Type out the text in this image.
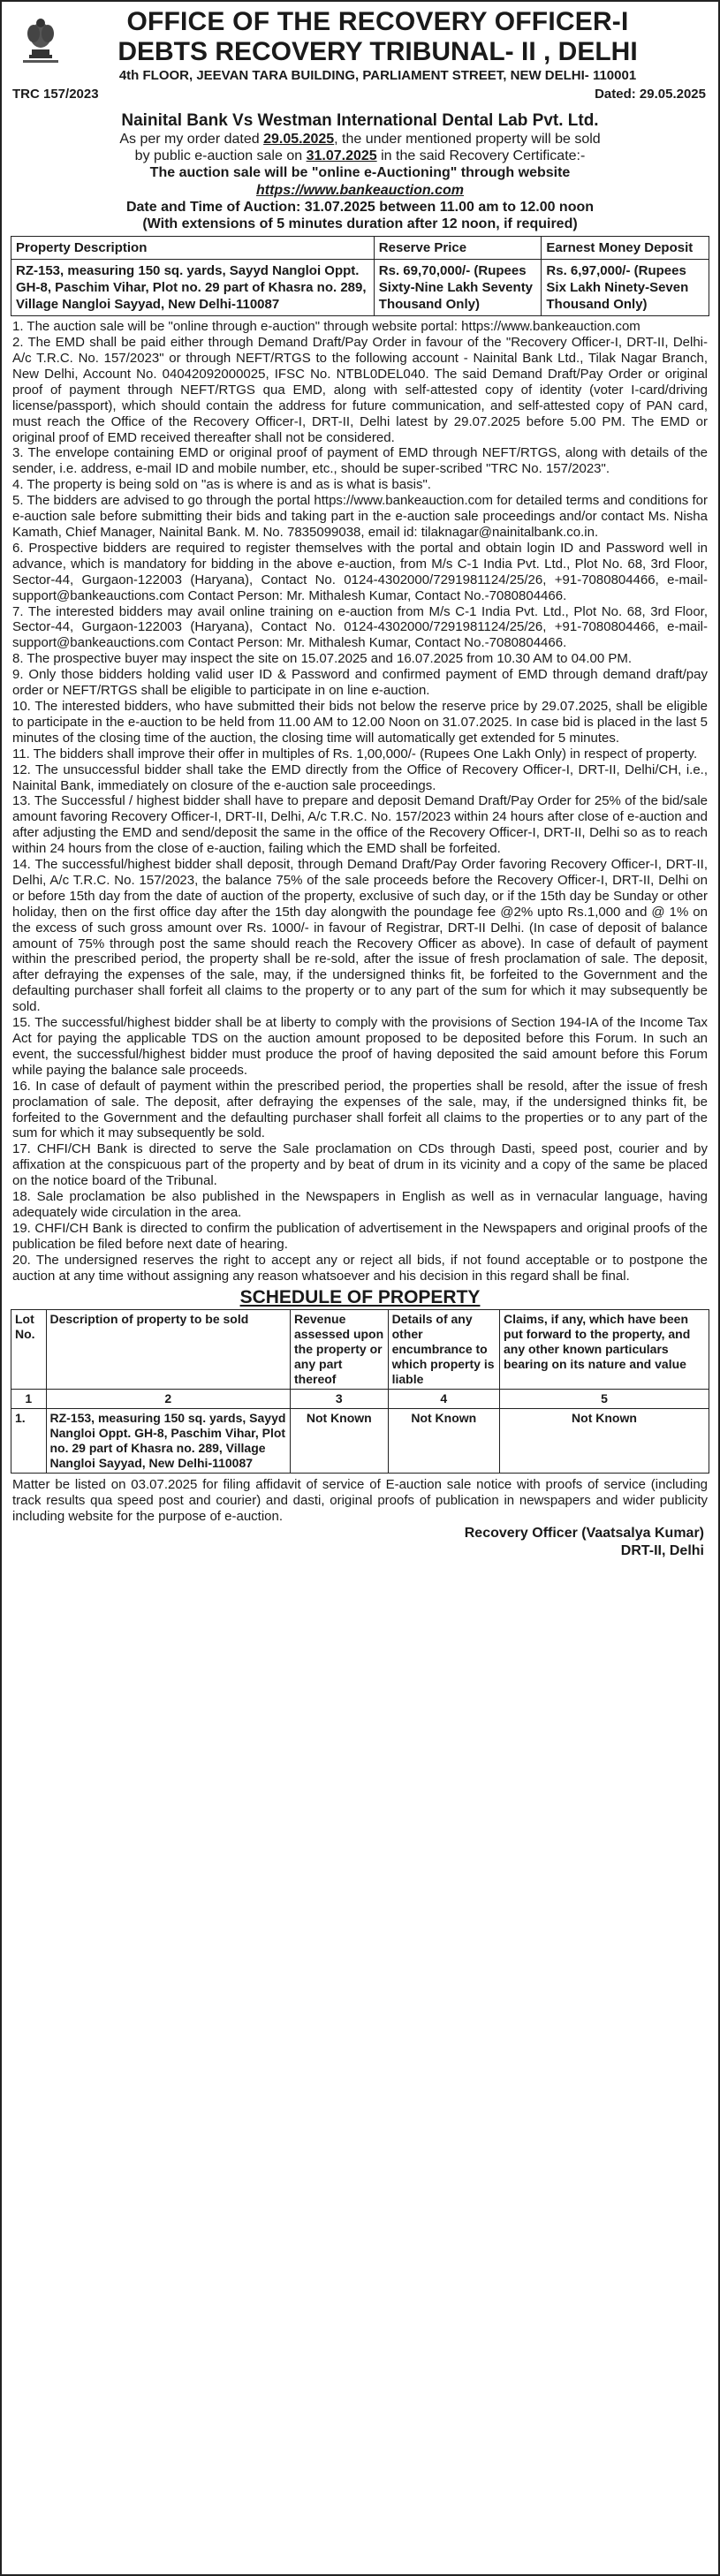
OFFICE OF THE RECOVERY OFFICER-I
DEBTS RECOVERY TRIBUNAL- II , DELHI
4th FLOOR, JEEVAN TARA BUILDING, PARLIAMENT STREET, NEW DELHI- 110001
TRC 157/2023	Dated: 29.05.2025
Nainital Bank Vs Westman International Dental Lab Pvt. Ltd.
As per my order dated 29.05.2025, the under mentioned property will be sold
by public e-auction sale on 31.07.2025 in the said Recovery Certificate:-
The auction sale will be "online e-Auctioning" through website
https://www.bankeauction.com
Date and Time of Auction: 31.07.2025 between 11.00 am to 12.00 noon
(With extensions of 5 minutes duration after 12 noon, if required)
Property Description	Reserve Price	Earnest Money Deposit
RZ-153, measuring 150 sq. yards, Sayyd Nangloi Oppt. GH-8, Paschim Vihar, Plot no. 29 part of Khasra no. 289, Village Nangloi Sayyad, New Delhi-110087	Rs. 69,70,000/- (Rupees Sixty-Nine Lakh Seventy Thousand Only)	Rs. 6,97,000/- (Rupees Six Lakh Ninety-Seven Thousand Only)

1. The auction sale will be "online through e-auction" through website portal: https://www.bankeauction.com

2. The EMD shall be paid either through Demand Draft/Pay Order in favour of the "Recovery Officer-I, DRT-II, Delhi-A/c T.R.C. No. 157/2023" or through NEFT/RTGS to the following account - Nainital Bank Ltd., Tilak Nagar Branch, New Delhi, Account No. 04042092000025, IFSC No. NTBL0DEL040. The said Demand Draft/Pay Order or original proof of payment through NEFT/RTGS qua EMD, along with self-attested copy of identity (voter I-card/driving license/passport), which should contain the address for future communication, and self-attested copy of PAN card, must reach the Office of the Recovery Officer-I, DRT-II, Delhi latest by 29.07.2025 before 5.00 PM. The EMD or original proof of EMD received thereafter shall not be considered.

3. The envelope containing EMD or original proof of payment of EMD through NEFT/RTGS, along with details of the sender, i.e. address, e-mail ID and mobile number, etc., should be super-scribed "TRC No. 157/2023".

4. The property is being sold on "as is where is and as is what is basis".

5. The bidders are advised to go through the portal https://www.bankeauction.com for detailed terms and conditions for e-auction sale before submitting their bids and taking part in the e-auction sale proceedings and/or contact Ms. Nisha Kamath, Chief Manager, Nainital Bank. M. No. 7835099038, email id: tilaknagar@nainitalbank.co.in.

6. Prospective bidders are required to register themselves with the portal and obtain login ID and Password well in advance, which is mandatory for bidding in the above e-auction, from M/s C-1 India Pvt. Ltd., Plot No. 68, 3rd Floor, Sector-44, Gurgaon-122003 (Haryana), Contact No. 0124-4302000/7291981124/25/26, +91-7080804466, e-mail- support@bankeauctions.com Contact Person: Mr. Mithalesh Kumar, Contact No.-7080804466.

7. The interested bidders may avail online training on e-auction from M/s C-1 India Pvt. Ltd., Plot No. 68, 3rd Floor, Sector-44, Gurgaon-122003 (Haryana), Contact No. 0124-4302000/7291981124/25/26, +91-7080804466, e-mail-support@bankeauctions.com Contact Person: Mr. Mithalesh Kumar, Contact No.-7080804466.

8. The prospective buyer may inspect the site on 15.07.2025 and 16.07.2025 from 10.30 AM to 04.00 PM.

9. Only those bidders holding valid user ID & Password and confirmed payment of EMD through demand draft/pay order or NEFT/RTGS shall be eligible to participate in on line e-auction.

10. The interested bidders, who have submitted their bids not below the reserve price by 29.07.2025, shall be eligible to participate in the e-auction to be held from 11.00 AM to 12.00 Noon on 31.07.2025. In case bid is placed in the last 5 minutes of the closing time of the auction, the closing time will automatically get extended for 5 minutes.

11. The bidders shall improve their offer in multiples of Rs. 1,00,000/- (Rupees One Lakh Only) in respect of property.

12. The unsuccessful bidder shall take the EMD directly from the Office of Recovery Officer-I, DRT-II, Delhi/CH, i.e., Nainital Bank, immediately on closure of the e-auction sale proceedings.

13. The Successful / highest bidder shall have to prepare and deposit Demand Draft/Pay Order for 25% of the bid/sale amount favoring Recovery Officer-I, DRT-II, Delhi, A/c T.R.C. No. 157/2023 within 24 hours after close of e-auction and after adjusting the EMD and send/deposit the same in the office of the Recovery Officer-I, DRT-II, Delhi so as to reach within 24 hours from the close of e-auction, failing which the EMD shall be forfeited.

14. The successful/highest bidder shall deposit, through Demand Draft/Pay Order favoring Recovery Officer-I, DRT-II, Delhi, A/c T.R.C. No. 157/2023, the balance 75% of the sale proceeds before the Recovery Officer-I, DRT-II, Delhi on or before 15th day from the date of auction of the property, exclusive of such day, or if the 15th day be Sunday or other holiday, then on the first office day after the 15th day alongwith the poundage fee @2% upto Rs.1,000 and @ 1% on the excess of such gross amount over Rs. 1000/- in favour of Registrar, DRT-II Delhi. (In case of deposit of balance amount of 75% through post the same should reach the Recovery Officer as above). In case of default of payment within the prescribed period, the property shall be re-sold, after the issue of fresh proclamation of sale. The deposit, after defraying the expenses of the sale, may, if the undersigned thinks fit, be forfeited to the Government and the defaulting purchaser shall forfeit all claims to the property or to any part of the sum for which it may subsequently be sold.

15. The successful/highest bidder shall be at liberty to comply with the provisions of Section 194-IA of the Income Tax Act for paying the applicable TDS on the auction amount proposed to be deposited before this Forum. In such an event, the successful/highest bidder must produce the proof of having deposited the said amount before this Forum while paying the balance sale proceeds.

16. In case of default of payment within the prescribed period, the properties shall be resold, after the issue of fresh proclamation of sale. The deposit, after defraying the expenses of the sale, may, if the undersigned thinks fit, be forfeited to the Government and the defaulting purchaser shall forfeit all claims to the properties or to any part of the sum for which it may subsequently be sold.

17. CHFI/CH Bank is directed to serve the Sale proclamation on CDs through Dasti, speed post, courier and by affixation at the conspicuous part of the property and by beat of drum in its vicinity and a copy of the same be placed on the notice board of the Tribunal.

18. Sale proclamation be also published in the Newspapers in English as well as in vernacular language, having adequately wide circulation in the area.

19. CHFI/CH Bank is directed to confirm the publication of advertisement in the Newspapers and original proofs of the publication be filed before next date of hearing.

20. The undersigned reserves the right to accept any or reject all bids, if not found acceptable or to postpone the auction at any time without assigning any reason whatsoever and his decision in this regard shall be final.

SCHEDULE OF PROPERTY
Lot No.	Description of property to be sold	Revenue assessed upon the property or any part thereof	Details of any other encumbrance to which property is liable	Claims, if any, which have been put forward to the property, and any other known particulars bearing on its nature and value
1	2	3	4	5
1.	RZ-153, measuring 150 sq. yards, Sayyd Nangloi Oppt. GH-8, Paschim Vihar, Plot no. 29 part of Khasra no. 289, Village Nangloi Sayyad, New Delhi-110087	Not Known	Not Known	Not Known
Matter be listed on 03.07.2025 for filing affidavit of service of E-auction sale notice with proofs of service (including track results qua speed post and courier) and dasti, original proofs of publication in newspapers and wider publicity including website for the purpose of e-auction.
Recovery Officer (Vaatsalya Kumar)
DRT-II, Delhi
